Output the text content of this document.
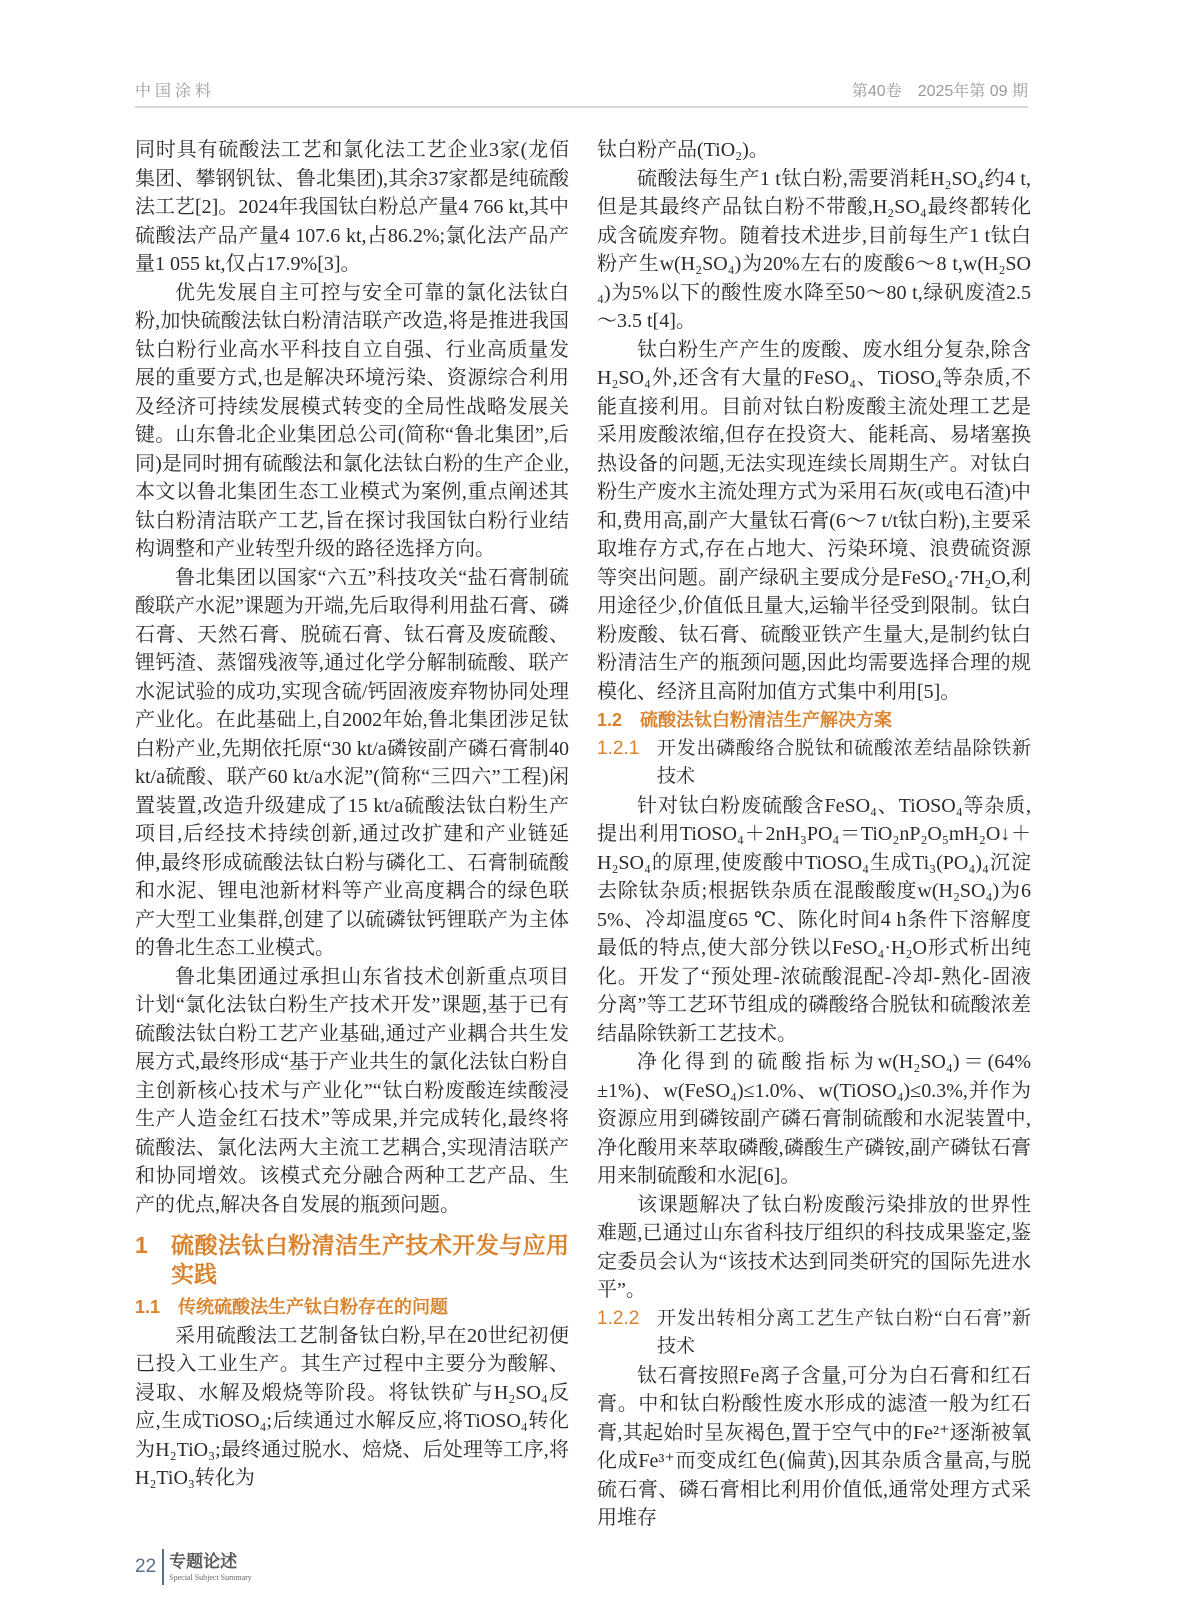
中国涂料	第40卷　2025年第 09 期

同时具有硫酸法工艺和氯化法工艺企业3家(龙佰集团、攀钢钒钛、鲁北集团),其余37家都是纯硫酸法工艺[2]。2024年我国钛白粉总产量4 766 kt,其中硫酸法产品产量4 107.6 kt,占86.2%;氯化法产品产量1 055 kt,仅占17.9%[3]。

优先发展自主可控与安全可靠的氯化法钛白粉,加快硫酸法钛白粉清洁联产改造,将是推进我国钛白粉行业高水平科技自立自强、行业高质量发展的重要方式,也是解决环境污染、资源综合利用及经济可持续发展模式转变的全局性战略发展关键。山东鲁北企业集团总公司(简称“鲁北集团”,后同)是同时拥有硫酸法和氯化法钛白粉的生产企业,本文以鲁北集团生态工业模式为案例,重点阐述其钛白粉清洁联产工艺,旨在探讨我国钛白粉行业结构调整和产业转型升级的路径选择方向。

鲁北集团以国家“六五”科技攻关“盐石膏制硫酸联产水泥”课题为开端,先后取得利用盐石膏、磷石膏、天然石膏、脱硫石膏、钛石膏及废硫酸、锂钙渣、蒸馏残液等,通过化学分解制硫酸、联产水泥试验的成功,实现含硫/钙固液废弃物协同处理产业化。在此基础上,自2002年始,鲁北集团涉足钛白粉产业,先期依托原“30 kt/a磷铵副产磷石膏制40 kt/a硫酸、联产60 kt/a水泥”(简称“三四六”工程)闲置装置,改造升级建成了15 kt/a硫酸法钛白粉生产项目,后经技术持续创新,通过改扩建和产业链延伸,最终形成硫酸法钛白粉与磷化工、石膏制硫酸和水泥、锂电池新材料等产业高度耦合的绿色联产大型工业集群,创建了以硫磷钛钙锂联产为主体的鲁北生态工业模式。

鲁北集团通过承担山东省技术创新重点项目计划“氯化法钛白粉生产技术开发”课题,基于已有硫酸法钛白粉工艺产业基础,通过产业耦合共生发展方式,最终形成“基于产业共生的氯化法钛白粉自主创新核心技术与产业化”“钛白粉废酸连续酸浸生产人造金红石技术”等成果,并完成转化,最终将硫酸法、氯化法两大主流工艺耦合,实现清洁联产和协同增效。该模式充分融合两种工艺产品、生产的优点,解决各自发展的瓶颈问题。

1	硫酸法钛白粉清洁生产技术开发与应用实践
1.1　传统硫酸法生产钛白粉存在的问题

采用硫酸法工艺制备钛白粉,早在20世纪初便已投入工业生产。其生产过程中主要分为酸解、浸取、水解及煅烧等阶段。将钛铁矿与H₂SO₄反应,生成TiOSO₄;后续通过水解反应,将TiOSO₄转化为H₂TiO₃;最终通过脱水、焙烧、后处理等工序,将H₂TiO₃转化为

钛白粉产品(TiO₂)。

硫酸法每生产1 t钛白粉,需要消耗H₂SO₄约4 t,但是其最终产品钛白粉不带酸,H₂SO₄最终都转化成含硫废弃物。随着技术进步,目前每生产1 t钛白粉产生w(H₂SO₄)为20%左右的废酸6～8 t,w(H₂SO₄)为5%以下的酸性废水降至50～80 t,绿矾废渣2.5～3.5 t[4]。

钛白粉生产产生的废酸、废水组分复杂,除含H₂SO₄外,还含有大量的FeSO₄、TiOSO₄等杂质,不能直接利用。目前对钛白粉废酸主流处理工艺是采用废酸浓缩,但存在投资大、能耗高、易堵塞换热设备的问题,无法实现连续长周期生产。对钛白粉生产废水主流处理方式为采用石灰(或电石渣)中和,费用高,副产大量钛石膏(6～7 t/t钛白粉),主要采取堆存方式,存在占地大、污染环境、浪费硫资源等突出问题。副产绿矾主要成分是FeSO₄·7H₂O,利用途径少,价值低且量大,运输半径受到限制。钛白粉废酸、钛石膏、硫酸亚铁产生量大,是制约钛白粉清洁生产的瓶颈问题,因此均需要选择合理的规模化、经济且高附加值方式集中利用[5]。

1.2　硫酸法钛白粉清洁生产解决方案
1.2.1 开发出磷酸络合脱钛和硫酸浓差结晶除铁新技术

针对钛白粉废硫酸含FeSO₄、TiOSO₄等杂质,提出利用TiOSO₄＋2nH₃PO₄＝TiO₂nP₂O₅mH₂O↓＋H₂SO₄的原理,使废酸中TiOSO₄生成Ti₃(PO₄)₄沉淀去除钛杂质;根据铁杂质在混酸酸度w(H₂SO₄)为65%、冷却温度65 ℃、陈化时间4 h条件下溶解度最低的特点,使大部分铁以FeSO₄·H₂O形式析出纯化。开发了“预处理-浓硫酸混配-冷却-熟化-固液分离”等工艺环节组成的磷酸络合脱钛和硫酸浓差结晶除铁新工艺技术。

净化得到的硫酸指标为w(H₂SO₄)＝(64%±1%)、w(FeSO₄)≤1.0%、w(TiOSO₄)≤0.3%,并作为资源应用到磷铵副产磷石膏制硫酸和水泥装置中,净化酸用来萃取磷酸,磷酸生产磷铵,副产磷钛石膏用来制硫酸和水泥[6]。

该课题解决了钛白粉废酸污染排放的世界性难题,已通过山东省科技厅组织的科技成果鉴定,鉴定委员会认为“该技术达到同类研究的国际先进水平”。

1.2.2 开发出转相分离工艺生产钛白粉“白石膏”新技术

钛石膏按照Fe离子含量,可分为白石膏和红石膏。中和钛白粉酸性废水形成的滤渣一般为红石膏,其起始时呈灰褐色,置于空气中的Fe²⁺逐渐被氧化成Fe³⁺而变成红色(偏黄),因其杂质含量高,与脱硫石膏、磷石膏相比利用价值低,通常处理方式采用堆存

22 专题论述
Special Subject Summary
